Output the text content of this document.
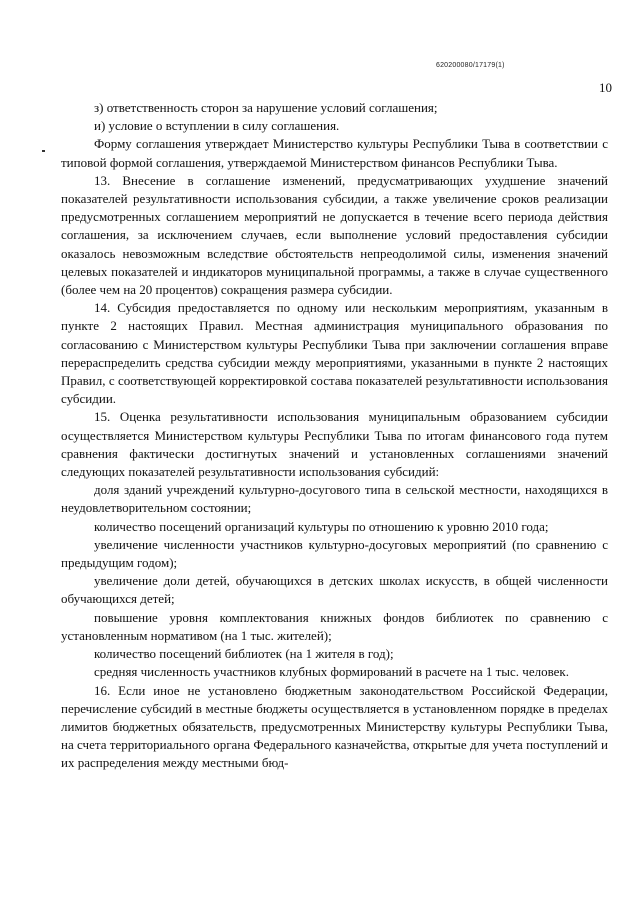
620200080/17179(1)
10

з) ответственность сторон за нарушение условий соглашения;

и) условие о вступлении в силу соглашения.

Форму соглашения утверждает Министерство культуры Республики Тыва в соответствии с типовой формой соглашения, утверждаемой Министерством финансов Республики Тыва.

13. Внесение в соглашение изменений, предусматривающих ухудшение значений показателей результативности использования субсидии, а также увеличение сроков реализации предусмотренных соглашением мероприятий не допускается в течение всего периода действия соглашения, за исключением случаев, если выполнение условий предоставления субсидии оказалось невозможным вследствие обстоятельств непреодолимой силы, изменения значений целевых показателей и индикаторов муниципальной программы, а также в случае существенного (более чем на 20 процентов) сокращения размера субсидии.

14. Субсидия предоставляется по одному или нескольким мероприятиям, указанным в пункте 2 настоящих Правил. Местная администрация муниципального образования по согласованию с Министерством культуры Республики Тыва при заключении соглашения вправе перераспределить средства субсидии между мероприятиями, указанными в пункте 2 настоящих Правил, с соответствующей корректировкой состава показателей результативности использования субсидии.

15. Оценка результативности использования муниципальным образованием субсидии осуществляется Министерством культуры Республики Тыва по итогам финансового года путем сравнения фактически достигнутых значений и установленных соглашениями значений следующих показателей результативности использования субсидий:

доля зданий учреждений культурно-досугового типа в сельской местности, находящихся в неудовлетворительном состоянии;

количество посещений организаций культуры по отношению к уровню 2010 года;

увеличение численности участников культурно-досуговых мероприятий (по сравнению с предыдущим годом);

увеличение доли детей, обучающихся в детских школах искусств, в общей численности обучающихся детей;

повышение уровня комплектования книжных фондов библиотек по сравнению с установленным нормативом (на 1 тыс. жителей);

количество посещений библиотек (на 1 жителя в год);

средняя численность участников клубных формирований в расчете на 1 тыс. человек.

16. Если иное не установлено бюджетным законодательством Российской Федерации, перечисление субсидий в местные бюджеты осуществляется в установленном порядке в пределах лимитов бюджетных обязательств, предусмотренных Министерству культуры Республики Тыва, на счета территориального органа Федерального казначейства, открытые для учета поступлений и их распределения между местными бюд-
